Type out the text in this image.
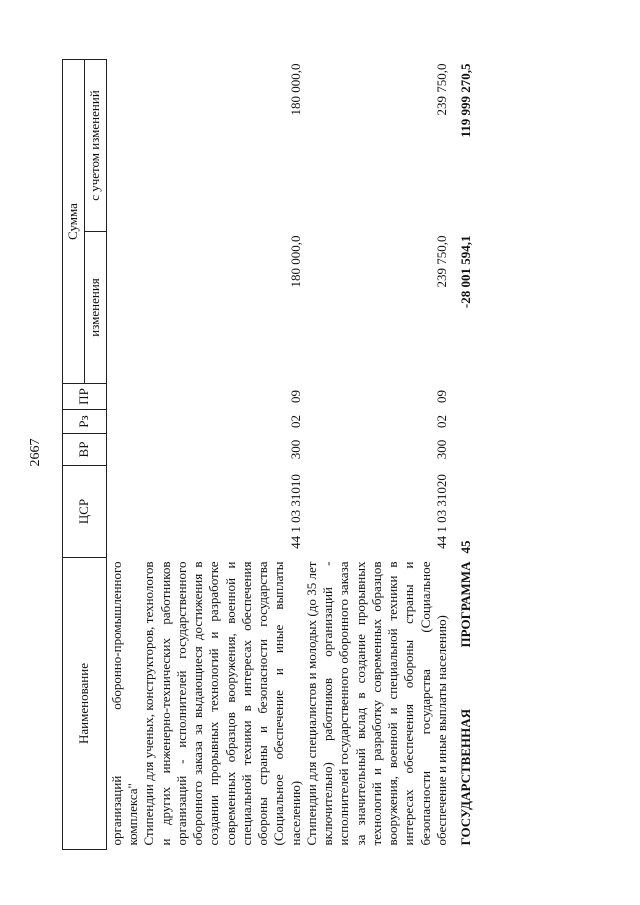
2667
Наименование	ЦСР	ВР	Рз	ПР	Сумма	
					изменения	с учетом изменений
организаций оборонно-промышленного комплекса"						
Стипендии для ученых, конструкторов, технологов и других инженерно-технических работников организаций - исполнителей государственного оборонного заказа за выдающиеся достижения в создании прорывных технологий и разработке современных образцов вооружения, военной и специальной техники в интересах обеспечения обороны страны и безопасности государства (Социальное обеспечение и иные выплаты населению)	44 1 03 31010	300	02	09	180 000,0	180 000,0
Стипендии для специалистов и молодых (до 35 лет включительно) работников организаций - исполнителей государственного оборонного заказа за значительный вклад в создание прорывных технологий и разработку современных образцов вооружения, военной и специальной техники в интересах обеспечения обороны страны и безопасности государства (Социальное обеспечение и иные выплаты населению)	44 1 03 31020	300	02	09	239 750,0	239 750,0

ГОСУДАРСТВЕННАЯ
ПРОГРАММА	45				-28 001 594,1	119 999 270,5
